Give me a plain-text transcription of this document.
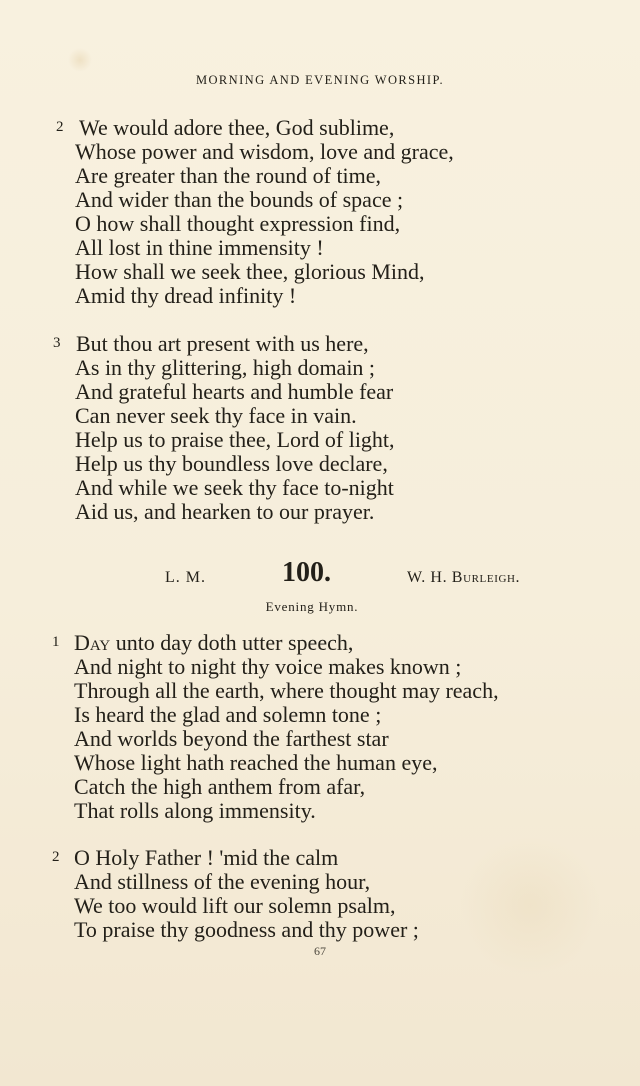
MORNING AND EVENING WORSHIP.
2 We would adore thee, God sublime,
Whose power and wisdom, love and grace,
Are greater than the round of time,
And wider than the bounds of space ;
O how shall thought expression find,
All lost in thine immensity !
How shall we seek thee, glorious Mind,
Amid thy dread infinity !
3 But thou art present with us here,
As in thy glittering, high domain ;
And grateful hearts and humble fear
Can never seek thy face in vain.
Help us to praise thee, Lord of light,
Help us thy boundless love declare,
And while we seek thy face to-night
Aid us, and hearken to our prayer.
L. M.	100.	W. H. Burleigh.
Evening Hymn.
1 Day unto day doth utter speech,
And night to night thy voice makes known ;
Through all the earth, where thought may reach,
Is heard the glad and solemn tone ;
And worlds beyond the farthest star
Whose light hath reached the human eye,
Catch the high anthem from afar,
That rolls along immensity.
2 O Holy Father ! 'mid the calm
And stillness of the evening hour,
We too would lift our solemn psalm,
To praise thy goodness and thy power ;
67
